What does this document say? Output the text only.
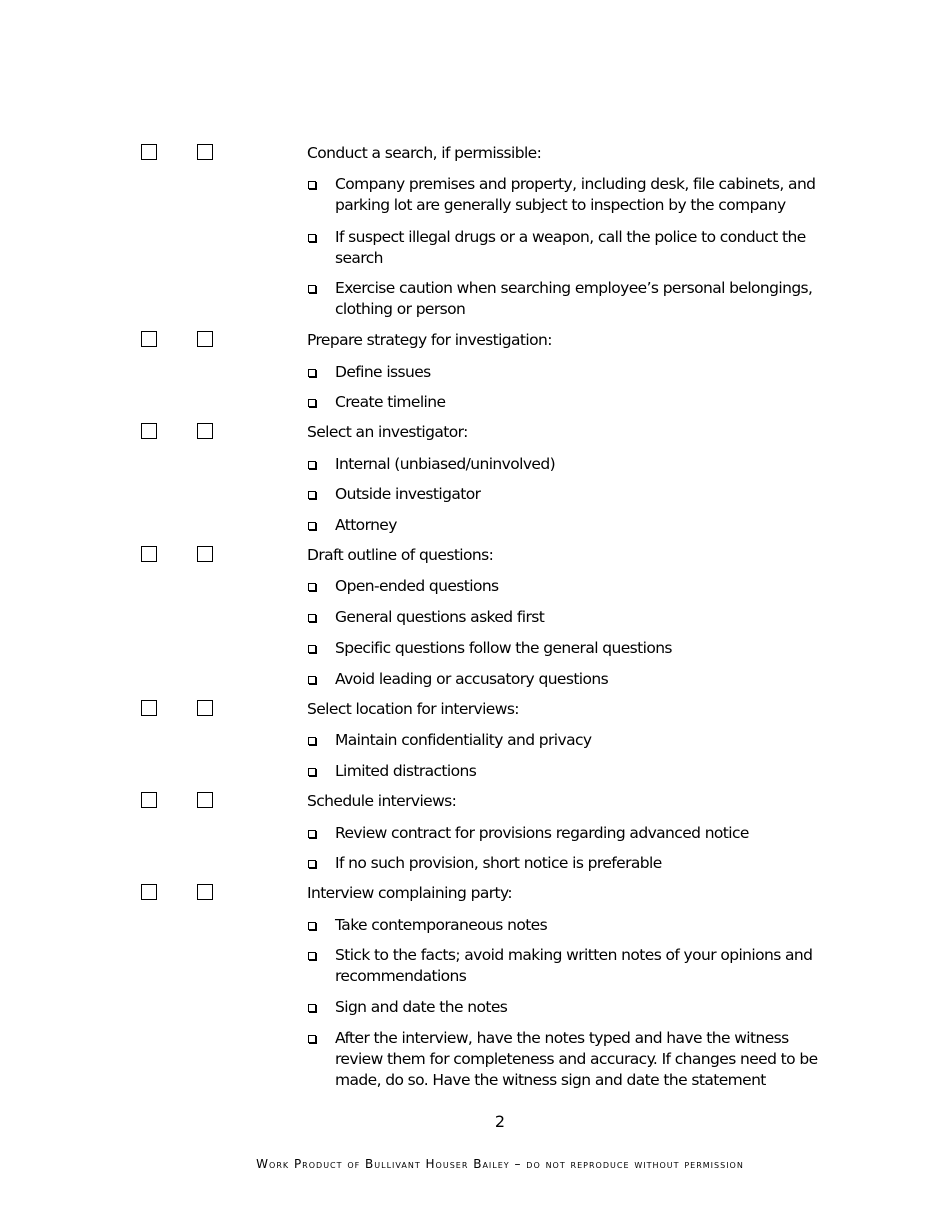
Conduct a search, if permissible:
Company premises and property, including desk, file cabinets, and parking lot are generally subject to inspection by the company
If suspect illegal drugs or a weapon, call the police to conduct the search
Exercise caution when searching employee’s personal belongings, clothing or person
Prepare strategy for investigation:
Define issues
Create timeline
Select an investigator:
Internal (unbiased/uninvolved)
Outside investigator
Attorney
Draft outline of questions:
Open-ended questions
General questions asked first
Specific questions follow the general questions
Avoid leading or accusatory questions
Select location for interviews:
Maintain confidentiality and privacy
Limited distractions
Schedule interviews:
Review contract for provisions regarding advanced notice
If no such provision, short notice is preferable
Interview complaining party:
Take contemporaneous notes
Stick to the facts; avoid making written notes of your opinions and recommendations
Sign and date the notes
After the interview, have the notes typed and have the witness review them for completeness and accuracy. If changes need to be made, do so. Have the witness sign and date the statement
2
Work Product of Bullivant Houser Bailey – do not reproduce without permission
